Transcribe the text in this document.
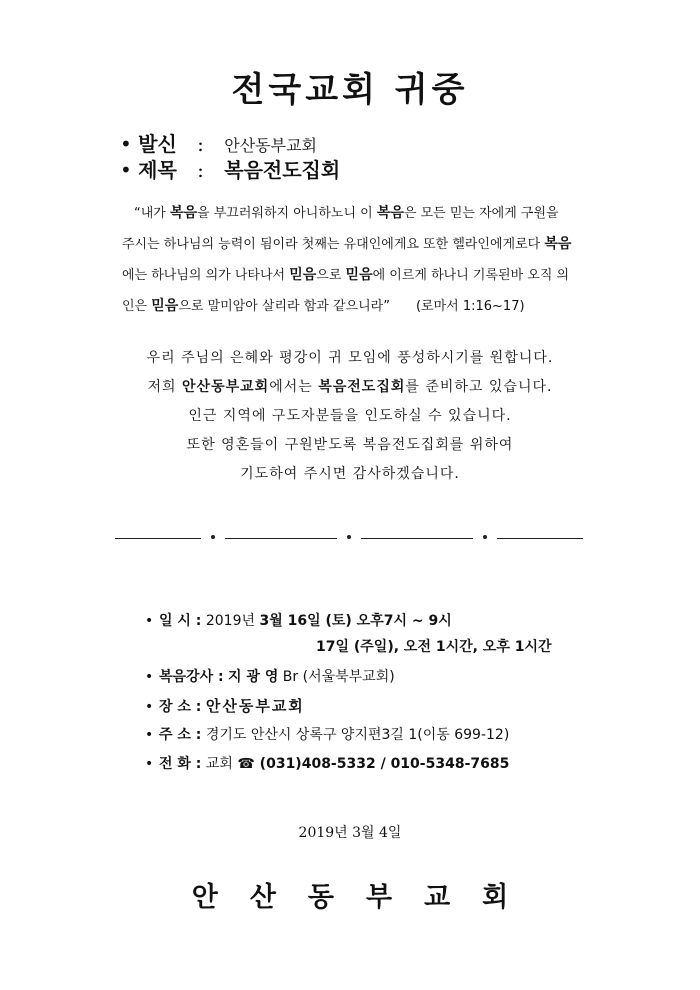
전국교회 귀중
• 발신 : 안산동부교회
• 제목 : 복음전도집회
“내가 복음을 부끄러워하지 아니하노니 이 복음은 모든 믿는 자에게 구원을
주시는 하나님의 능력이 됨이라 첫째는 유대인에게요 또한 헬라인에게로다 복음
에는 하나님의 의가 나타나서 믿음으로 믿음에 이르게 하나니 기록된바 오직 의
인은 믿음으로 말미암아 살리라 함과 같으니라” (로마서 1:16~17)
우리 주님의 은혜와 평강이 귀 모임에 풍성하시기를 원합니다.
저희 안산동부교회에서는 복음전도집회를 준비하고 있습니다.
인근 지역에 구도자분들을 인도하실 수 있습니다.
또한 영혼들이 구원받도록 복음전도집회를 위하여
기도하여 주시면 감사하겠습니다.
• 일 시 : 2019년 3월 16일 (토) 오후7시 ~ 9시
17일 (주일), 오전 1시간, 오후 1시간
• 복음강사 : 지 광 영 Br (서울북부교회)
• 장 소 : 안산동부교회
• 주 소 : 경기도 안산시 상록구 양지편3길 1(이동 699-12)
• 전 화 : 교회 ☎ (031)408-5332 / 010-5348-7685
2019년 3월 4일
안산동부교회
